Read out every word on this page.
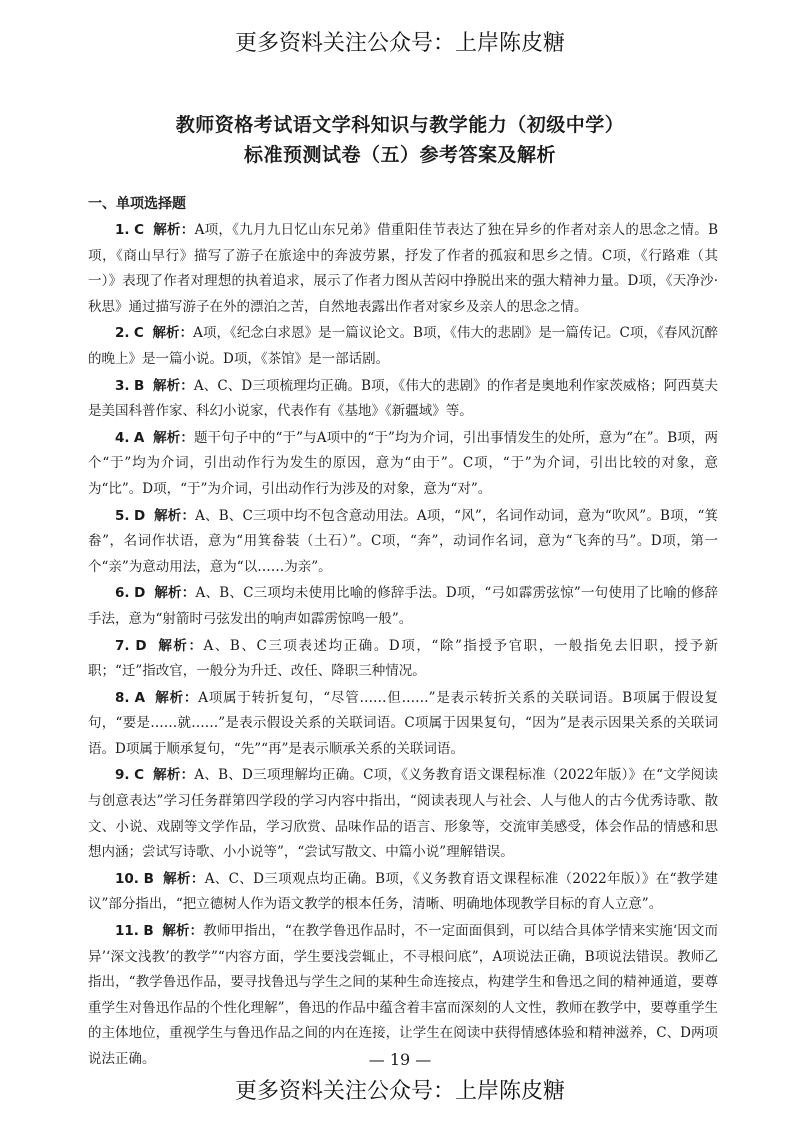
更多资料关注公众号：上岸陈皮糖
教师资格考试语文学科知识与教学能力（初级中学）
标准预测试卷（五）参考答案及解析
一、单项选择题

1. C 解析：A项，《九月九日忆山东兄弟》借重阳佳节表达了独在异乡的作者对亲人的思念之情。B项，《商山早行》描写了游子在旅途中的奔波劳累，抒发了作者的孤寂和思乡之情。C项，《行路难（其一）》表现了作者对理想的执着追求，展示了作者力图从苦闷中挣脱出来的强大精神力量。D项，《天净沙·秋思》通过描写游子在外的漂泊之苦，自然地表露出作者对家乡及亲人的思念之情。

2. C 解析：A项，《纪念白求恩》是一篇议论文。B项，《伟大的悲剧》是一篇传记。C项，《春风沉醉的晚上》是一篇小说。D项，《茶馆》是一部话剧。

3. B 解析：A、C、D三项梳理均正确。B项，《伟大的悲剧》的作者是奥地利作家茨威格；阿西莫夫是美国科普作家、科幻小说家，代表作有《基地》《新疆域》等。

4. A 解析：题干句子中的“于”与A项中的“于”均为介词，引出事情发生的处所，意为“在”。B项，两个“于”均为介词，引出动作行为发生的原因，意为“由于”。C项，“于”为介词，引出比较的对象，意为“比”。D项，“于”为介词，引出动作行为涉及的对象，意为“对”。

5. D 解析：A、B、C三项中均不包含意动用法。A项，“风”，名词作动词，意为“吹风”。B项，“箕畚”，名词作状语，意为“用箕畚装（土石）”。C项，“奔”，动词作名词，意为“飞奔的马”。D项，第一个“亲”为意动用法，意为“以……为亲”。

6. D 解析：A、B、C三项均未使用比喻的修辞手法。D项，“弓如霹雳弦惊”一句使用了比喻的修辞手法，意为“射箭时弓弦发出的响声如霹雳惊鸣一般”。

7. D 解析：A、B、C三项表述均正确。D项，“除”指授予官职，一般指免去旧职，授予新职；“迁”指改官，一般分为升迁、改任、降职三种情况。

8. A 解析：A项属于转折复句，“尽管……但……”是表示转折关系的关联词语。B项属于假设复句，“要是……就……”是表示假设关系的关联词语。C项属于因果复句，“因为”是表示因果关系的关联词语。D项属于顺承复句，“先”“再”是表示顺承关系的关联词语。

9. C 解析：A、B、D三项理解均正确。C项，《义务教育语文课程标准（2022年版）》在“文学阅读与创意表达”学习任务群第四学段的学习内容中指出，“阅读表现人与社会、人与他人的古今优秀诗歌、散文、小说、戏剧等文学作品，学习欣赏、品味作品的语言、形象等，交流审美感受，体会作品的情感和思想内涵；尝试写诗歌、小小说等”，“尝试写散文、中篇小说”理解错误。

10. B 解析：A、C、D三项观点均正确。B项，《义务教育语文课程标准（2022年版）》在“教学建议”部分指出，“把立德树人作为语文教学的根本任务，清晰、明确地体现教学目标的育人立意”。

11. B 解析：教师甲指出，“在教学鲁迅作品时，不一定面面俱到，可以结合具体学情来实施‘因文而异’‘深文浅教’的教学”“内容方面，学生要浅尝辄止，不寻根问底”，A项说法正确，B项说法错误。教师乙指出，“教学鲁迅作品，要寻找鲁迅与学生之间的某种生命连接点，构建学生和鲁迅之间的精神通道，要尊重学生对鲁迅作品的个性化理解”，鲁迅的作品中蕴含着丰富而深刻的人文性，教师在教学中，要尊重学生的主体地位，重视学生与鲁迅作品之间的内在连接，让学生在阅读中获得情感体验和精神滋养，C、D两项说法正确。	— 19 —
更多资料关注公众号：上岸陈皮糖
